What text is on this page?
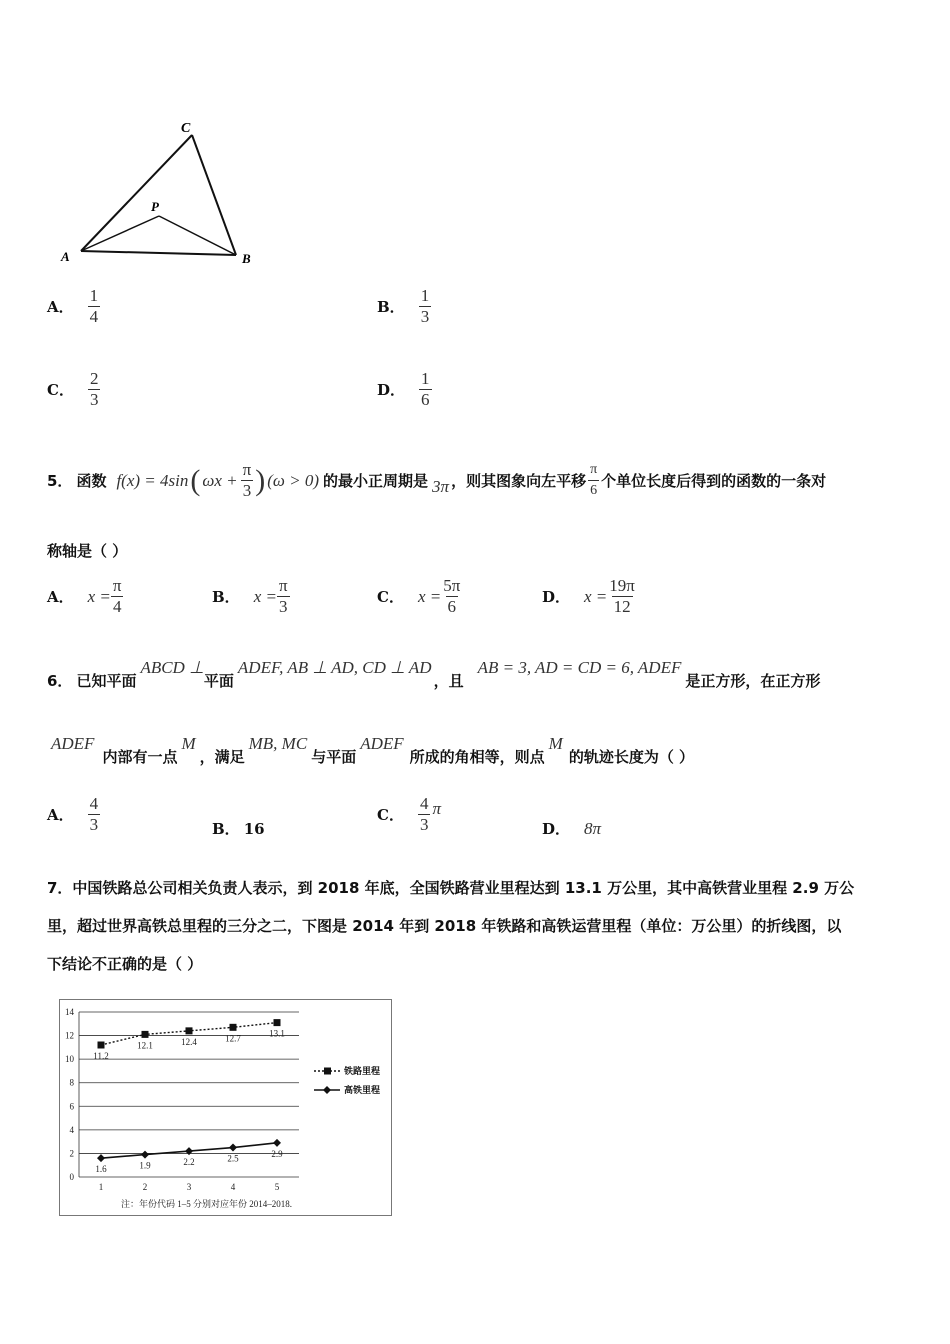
C
P
A	B
A． $\frac{1}{4}$	B． $\frac{1}{3}$
C． $\frac{2}{3}$	D． $\frac{1}{6}$
5． 函数 f(x) = 4sin ( $\omega x + \frac{\pi}{3}$ ) (ω > 0) 的最小正周期是 3π ，则其图象向左平移 $\frac{\pi}{6}$ 个单位长度后得到的函数的一条对
称轴是（ ）
A． $x = \frac{\pi}{4}$	B． $x = \frac{\pi}{3}$	C． $x = \frac{5\pi}{6}$	D． $x = \frac{19\pi}{12}$
6． 已知平面
ABCD ⊥
平面
ADEF, AB ⊥ AD, CD ⊥ AD
，且
AB = 3, AD = CD = 6, ADEF
是正方形，在正方形
ADEF
内部有一点
M
，满足
MB, MC
与平面
ADEF
所成的角相等，则点
M
的轨迹长度为（ ）
A． $\frac{4}{3}$	B． 16
C． $\frac{4}{3}$ π
D． 8π
7．中国铁路总公司相关负责人表示，到 2018 年底，全国铁路营业里程达到 13.1 万公里，其中高铁营业里程 2.9 万公
里，超过世界高铁总里程的三分之二，下图是 2014 年到 2018 年铁路和高铁运营里程（单位：万公里）的折线图，以
下结论不正确的是（ ）
0
2
4
6
8
10
12
14
1	2	3	4	5
11.2
12.1	12.4	12.7	13.1
1.6	1.9	2.2	2.5	2.9
铁路里程
高铁里程
注：年份代码 1–5 分别对应年份 2014–2018.
